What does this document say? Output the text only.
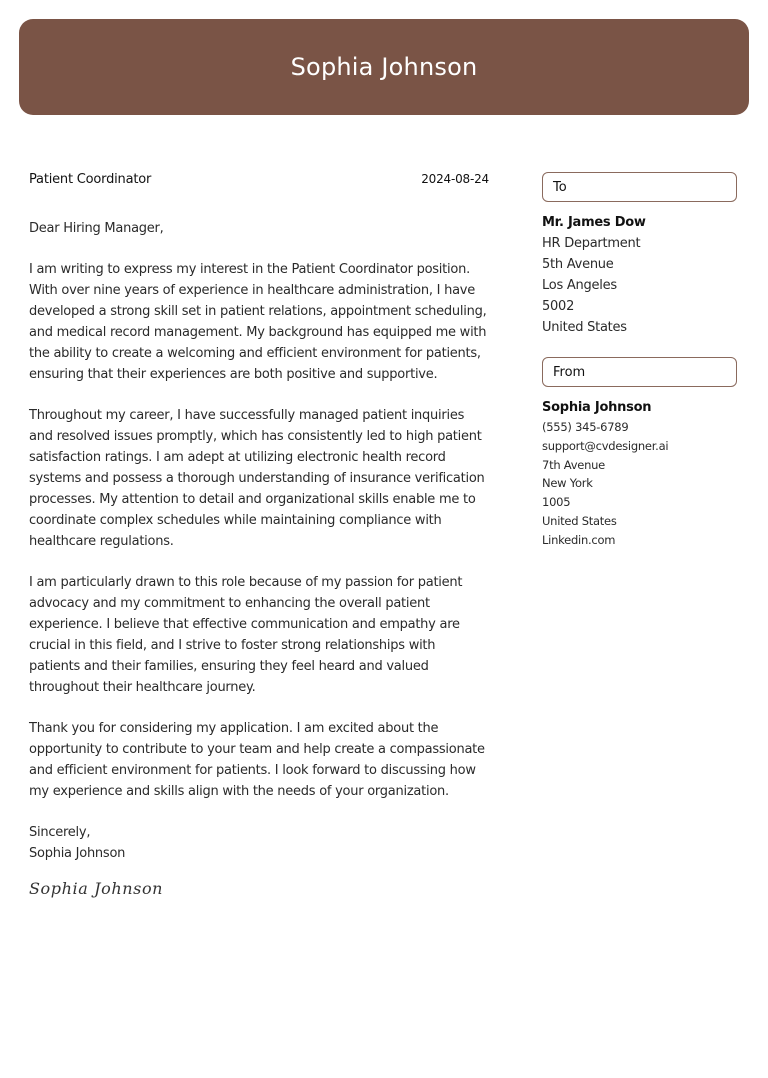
Sophia Johnson
Patient Coordinator	2024-08-24

Dear Hiring Manager,

I am writing to express my interest in the Patient Coordinator position. With over nine years of experience in healthcare administration, I have developed a strong skill set in patient relations, appointment scheduling, and medical record management. My background has equipped me with the ability to create a welcoming and efficient environment for patients, ensuring that their experiences are both positive and supportive.

Throughout my career, I have successfully managed patient inquiries and resolved issues promptly, which has consistently led to high patient satisfaction ratings. I am adept at utilizing electronic health record systems and possess a thorough understanding of insurance verification processes. My attention to detail and organizational skills enable me to coordinate complex schedules while maintaining compliance with healthcare regulations.

I am particularly drawn to this role because of my passion for patient advocacy and my commitment to enhancing the overall patient experience. I believe that effective communication and empathy are crucial in this field, and I strive to foster strong relationships with patients and their families, ensuring they feel heard and valued throughout their healthcare journey.

Thank you for considering my application. I am excited about the opportunity to contribute to your team and help create a compassionate and efficient environment for patients. I look forward to discussing how my experience and skills align with the needs of your organization.

Sincerely,
Sophia Johnson
Sophia Johnson
To
Mr. James Dow
HR Department
5th Avenue
Los Angeles
5002
United States
From
Sophia Johnson
(555) 345-6789
support@cvdesigner.ai
7th Avenue
New York
1005
United States
Linkedin.com
